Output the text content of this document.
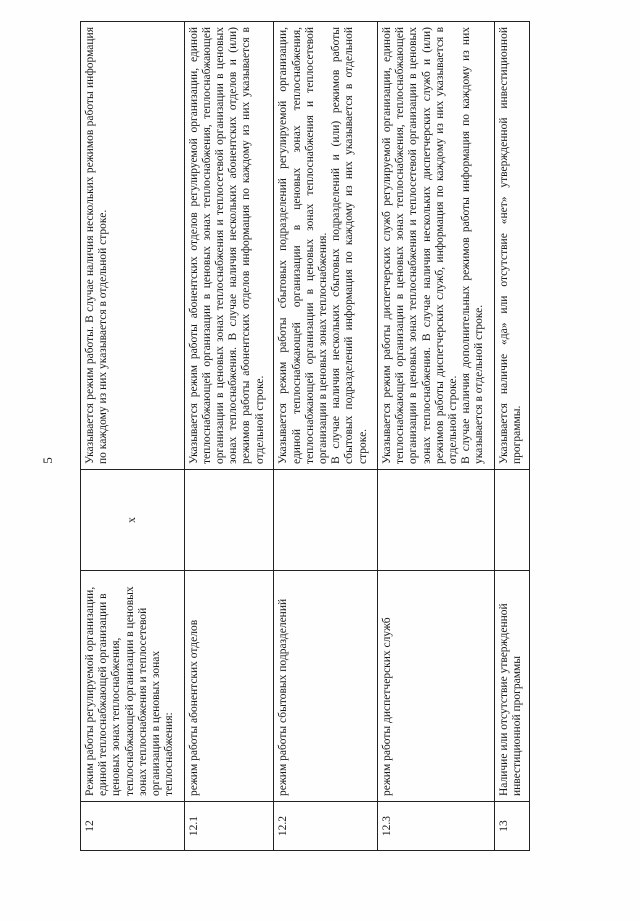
5
12	Режим работы регулируемой организации, единой теплоснабжающей организации в ценовых зонах теплоснабжения, теплоснабжающей организации в ценовых зонах теплоснабжения и теплосетевой организации в ценовых зонах теплоснабжения:	x	Указывается режим работы. В случае наличия нескольких режимов работы информация по каждому из них указывается в отдельной строке.

12.1	режим работы абонентских отделов		Указывается режим работы абонентских отделов регулируемой организации, единой теплоснабжающей организации в ценовых зонах теплоснабжения, теплоснабжающей организации в ценовых зонах теплоснабжения и теплосетевой организации в ценовых зонах теплоснабжения. В случае наличия нескольких абонентских отделов и (или) режимов работы абонентских отделов информация по каждому из них указывается в отдельной строке.

12.2	режим работы сбытовых подразделений		Указывается режим работы сбытовых подразделений регулируемой организации, единой теплоснабжающей организации в ценовых зонах теплоснабжения, теплоснабжающей организации в ценовых зонах теплоснабжения и теплосетевой организации в ценовых зонах теплоснабжения. В случае наличия нескольких сбытовых подразделений и (или) режимов работы сбытовых подразделений информация по каждому из них указывается в отдельной строке.

12.3	режим работы диспетчерских служб		Указывается режим работы диспетчерских служб регулируемой организации, единой теплоснабжающей организации в ценовых зонах теплоснабжения, теплоснабжающей организации в ценовых зонах теплоснабжения и теплосетевой организации в ценовых зонах теплоснабжения. В случае наличия нескольких диспетчерских служб и (или) режимов работы диспетчерских служб, информация по каждому из них указывается в отдельной строке. В случае наличия дополнительных режимов работы информация по каждому из них указывается в отдельной строке.

13	Наличие или отсутствие утвержденной инвестиционной программы		Указывается наличие «да» или отсутствие «нет» утвержденной инвестиционной программы.
